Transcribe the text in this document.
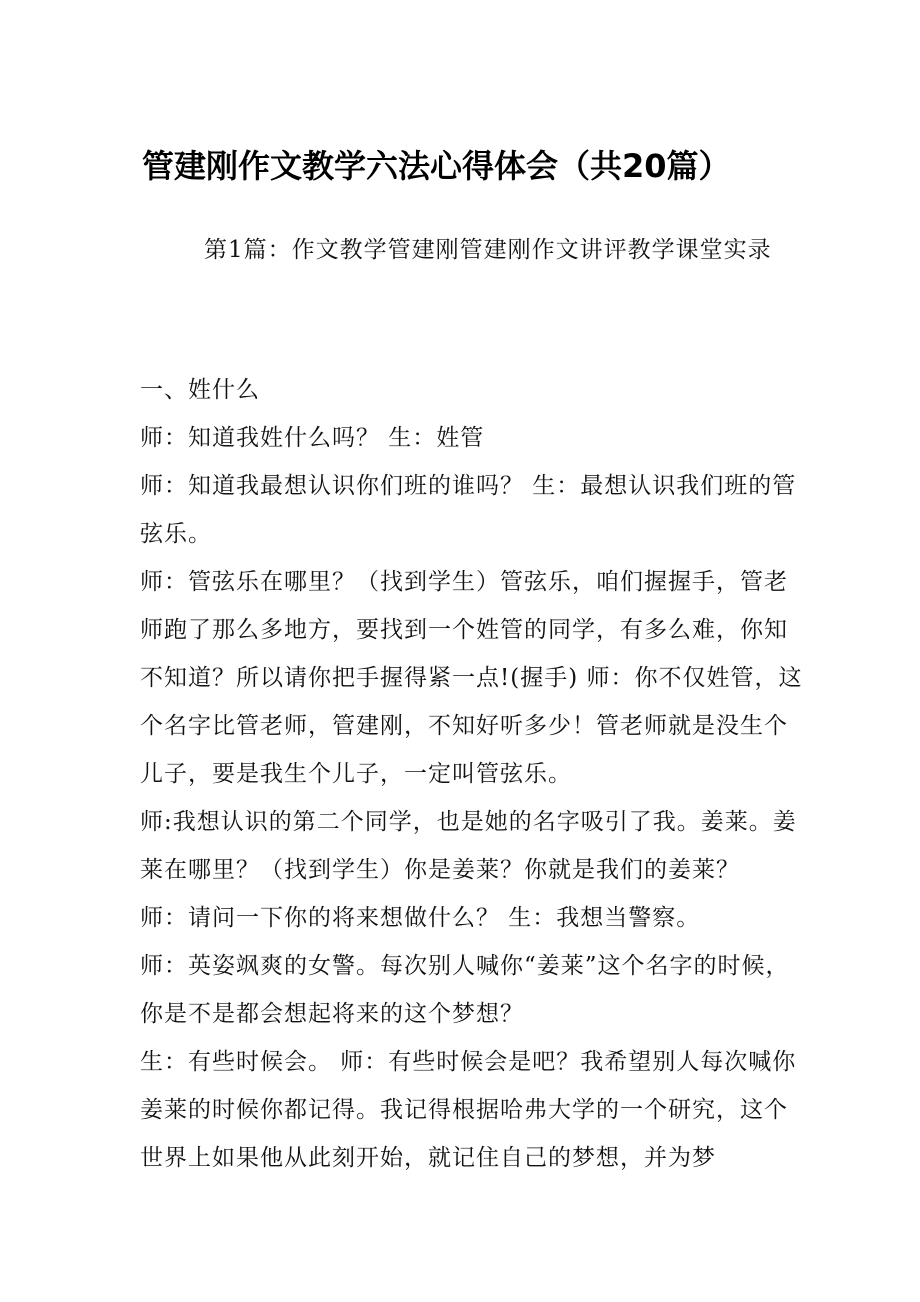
管建刚作文教学六法心得体会（共20篇）
第1篇：作文教学管建刚管建刚作文讲评教学课堂实录

一、姓什么

师：知道我姓什么吗？ 生：姓管

师：知道我最想认识你们班的谁吗？ 生：最想认识我们班的管弦乐。

师：管弦乐在哪里？（找到学生）管弦乐，咱们握握手，管老师跑了那么多地方，要找到一个姓管的同学，有多么难，你知不知道？所以请你把手握得紧一点!(握手) 师：你不仅姓管，这个名字比管老师，管建刚，不知好听多少！管老师就是没生个儿子，要是我生个儿子，一定叫管弦乐。

师:我想认识的第二个同学，也是她的名字吸引了我。姜莱。姜莱在哪里？（找到学生）你是姜莱？你就是我们的姜莱？

师：请问一下你的将来想做什么？ 生：我想当警察。

师：英姿飒爽的女警。每次别人喊你“姜莱”这个名字的时候，你是不是都会想起将来的这个梦想？

生：有些时候会。 师：有些时候会是吧？我希望别人每次喊你姜莱的时候你都记得。我记得根据哈弗大学的一个研究，这个世界上如果他从此刻开始，就记住自己的梦想，并为梦
